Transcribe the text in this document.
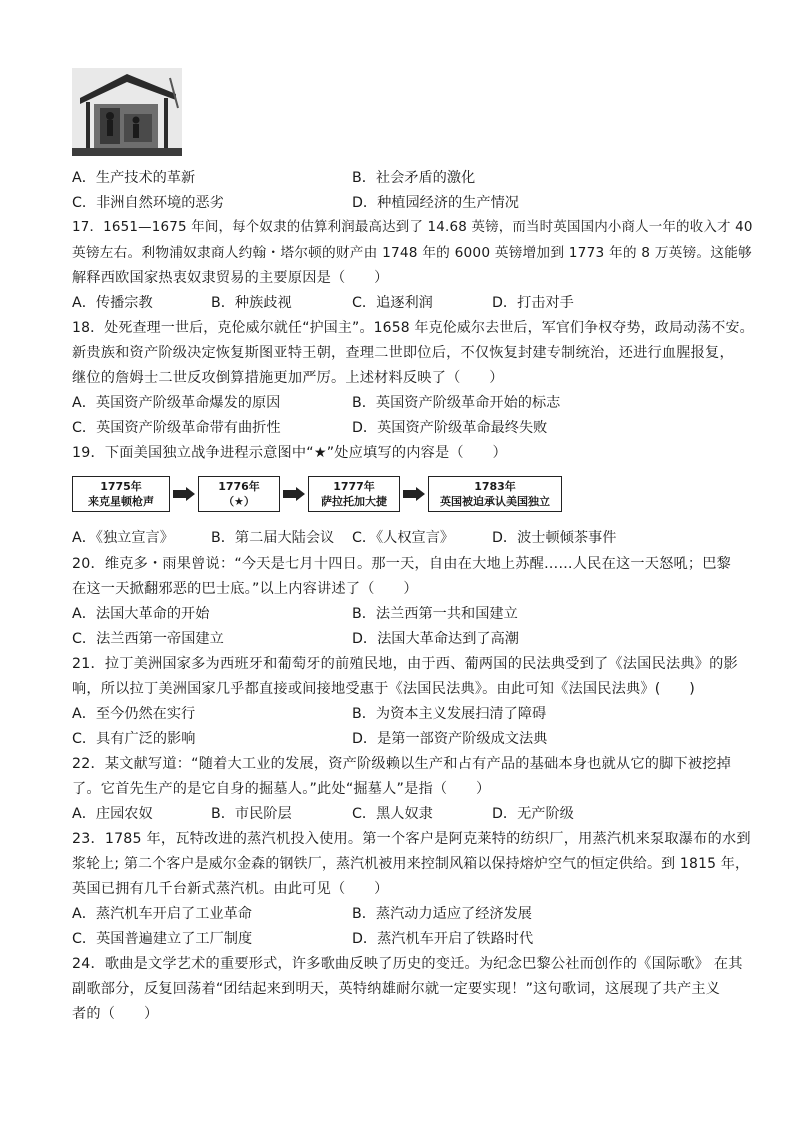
A．生产技术的革新	B．社会矛盾的激化
C．非洲自然环境的恶劣	D．种植园经济的生产情况
17．1651—1675 年间，每个奴隶的估算利润最高达到了 14.68 英镑，而当时英国国内小商人一年的收入才 40
英镑左右。利物浦奴隶商人约翰・塔尔顿的财产由 1748 年的 6000 英镑增加到 1773 年的 8 万英镑。这能够
解释西欧国家热衷奴隶贸易的主要原因是（　　）
A．传播宗教	B．种族歧视	C．追逐利润	D．打击对手
18．处死查理一世后，克伦威尔就任“护国主”。1658 年克伦威尔去世后，军官们争权夺势，政局动荡不安。
新贵族和资产阶级决定恢复斯图亚特王朝，查理二世即位后，不仅恢复封建专制统治，还进行血腥报复，
继位的詹姆士二世反攻倒算措施更加严厉。上述材料反映了（　　）
A．英国资产阶级革命爆发的原因	B．英国资产阶级革命开始的标志
C．英国资产阶级革命带有曲折性	D．英国资产阶级革命最终失败
19．下面美国独立战争进程示意图中“★”处应填写的内容是（　　）
1775年
来克星顿枪声
1776年
（★）
1777年
萨拉托加大捷
1783年
英国被迫承认美国独立
A．《独立宣言》	B．第二届大陆会议 C．《人权宣言》	D．波士顿倾茶事件
20．维克多・雨果曾说：“今天是七月十四日。那一天，自由在大地上苏醒……人民在这一天怒吼；巴黎
在这一天掀翻邪恶的巴士底。”以上内容讲述了（　　）
A．法国大革命的开始	B．法兰西第一共和国建立
C．法兰西第一帝国建立	D．法国大革命达到了高潮
21．拉丁美洲国家多为西班牙和葡萄牙的前殖民地，由于西、葡两国的民法典受到了《法国民法典》的影
响，所以拉丁美洲国家几乎都直接或间接地受惠于《法国民法典》。由此可知《法国民法典》(　　)
A．至今仍然在实行	B．为资本主义发展扫清了障碍
C．具有广泛的影响	D．是第一部资产阶级成文法典
22．某文献写道：“随着大工业的发展，资产阶级赖以生产和占有产品的基础本身也就从它的脚下被挖掉
了。它首先生产的是它自身的掘墓人。”此处“掘墓人”是指（　　）
A．庄园农奴	B．市民阶层	C．黑人奴隶	D．无产阶级
23．1785 年，瓦特改进的蒸汽机投入使用。第一个客户是阿克莱特的纺织厂，用蒸汽机来泵取瀑布的水到
浆轮上; 第二个客户是威尔金森的钢铁厂，蒸汽机被用来控制风箱以保持熔炉空气的恒定供给。到 1815 年，
英国已拥有几千台新式蒸汽机。由此可见（　　）
A．蒸汽机车开启了工业革命	B．蒸汽动力适应了经济发展
C．英国普遍建立了工厂制度	D．蒸汽机车开启了铁路时代
24．歌曲是文学艺术的重要形式，许多歌曲反映了历史的变迁。为纪念巴黎公社而创作的《国际歌》 在其
副歌部分，反复回荡着“团结起来到明天，英特纳雄耐尔就一定要实现！”这句歌词，这展现了共产主义
者的（　　）
